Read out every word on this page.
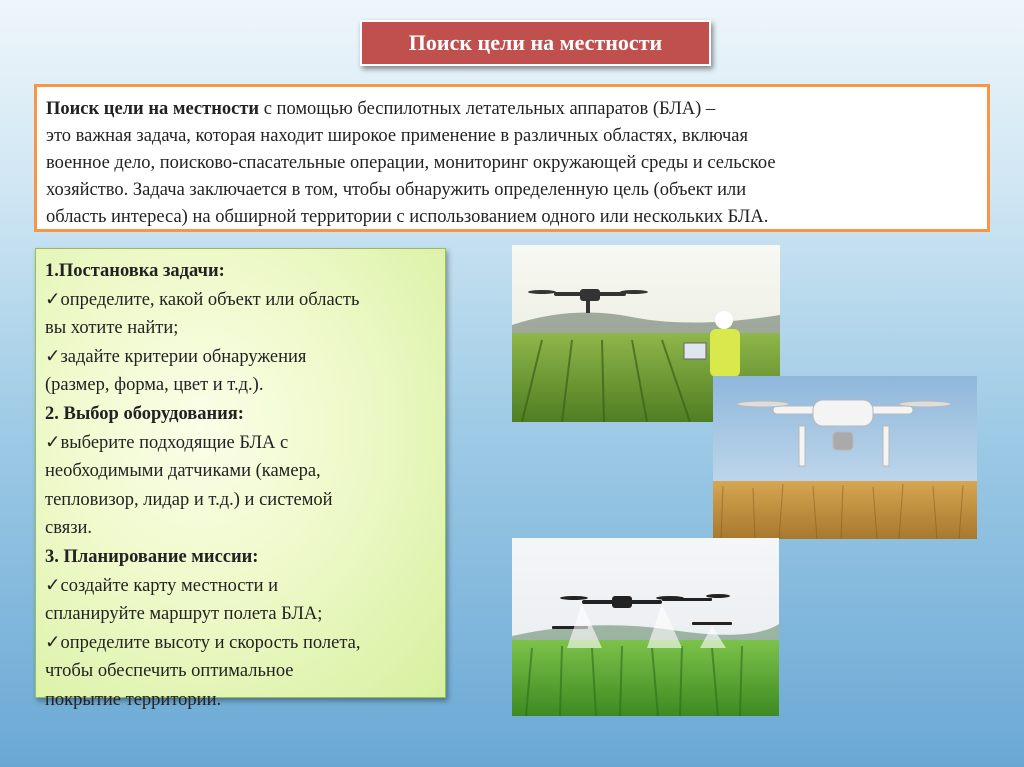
Поиск цели на местности
Поиск цели на местности с помощью беспилотных летательных аппаратов (БЛА) –
это важная задача, которая находит широкое применение в различных областях, включая
военное дело, поисково-спасательные операции, мониторинг окружающей среды и сельское
хозяйство. Задача заключается в том, чтобы обнаружить определенную цель (объект или
область интереса) на обширной территории с использованием одного или нескольких БЛА.
1.Постановка задачи:
✓определите, какой объект или область
вы хотите найти;
✓задайте критерии обнаружения
(размер, форма, цвет и т.д.).
2. Выбор оборудования:
✓выберите подходящие БЛА с
необходимыми датчиками (камера,
тепловизор, лидар и т.д.) и системой
связи.
3. Планирование миссии:
✓создайте карту местности и
спланируйте маршрут полета БЛА;
✓определите высоту и скорость полета,
чтобы обеспечить оптимальное
покрытие территории.
